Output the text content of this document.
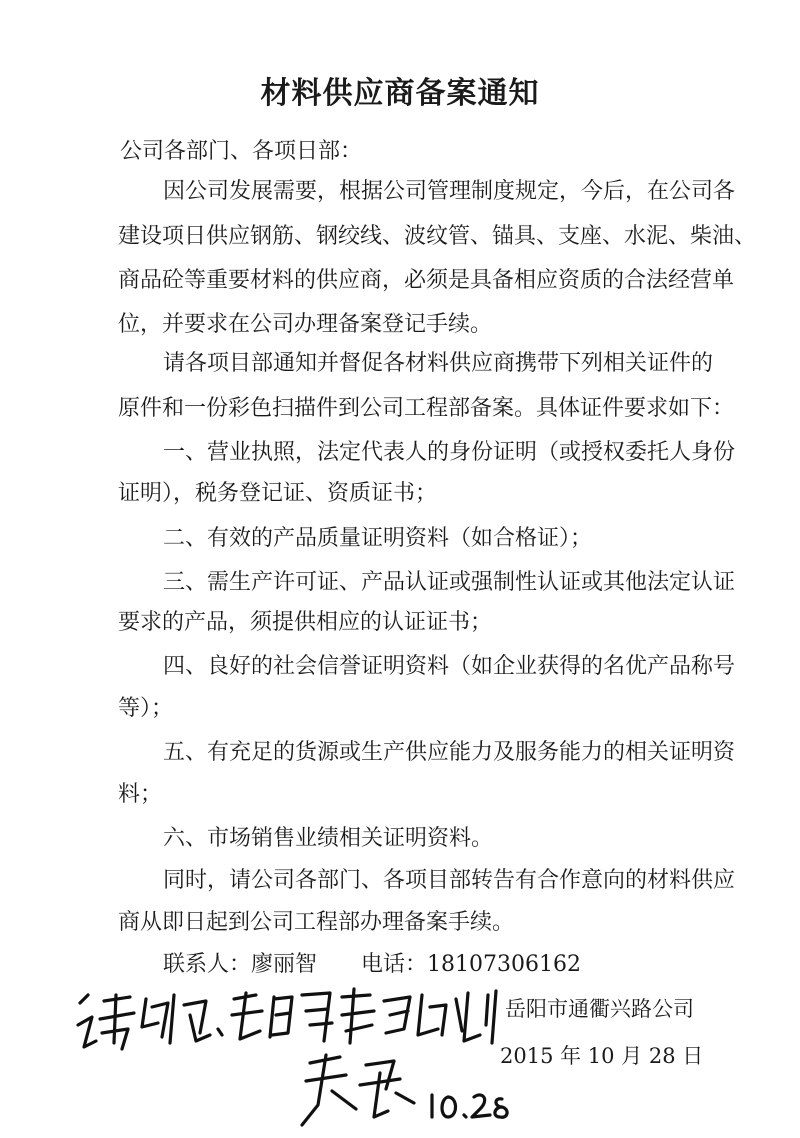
材料供应商备案通知
公司各部门、各项日部：
因公司发展需要，根据公司管理制度规定，今后，在公司各
建设项日供应钢筋、钢绞线、波纹管、锚具、支座、水泥、柴油、
商品砼等重要材料的供应商，必须是具备相应资质的合法经营单
位，并要求在公司办理备案登记手续。
请各项目部通知并督促各材料供应商携带下列相关证件的
原件和一份彩色扫描件到公司工程部备案。具体证件要求如下：
一、营业执照，法定代表人的身份证明（或授权委托人身份
证明），税务登记证、资质证书；
二、有效的产品质量证明资料（如合格证）；
三、需生产许可证、产品认证或强制性认证或其他法定认证
要求的产品，须提供相应的认证证书；
四、良好的社会信誉证明资料（如企业获得的名优产品称号
等）；
五、有充足的货源或生产供应能力及服务能力的相关证明资
料；
六、市场销售业绩相关证明资料。
同时，请公司各部门、各项目部转告有合作意向的材料供应
商从即日起到公司工程部办理备案手续。
联系人：廖丽智　　电话：18107306162
岳阳市通衢兴路公司
2015 年 10 月 28 日
